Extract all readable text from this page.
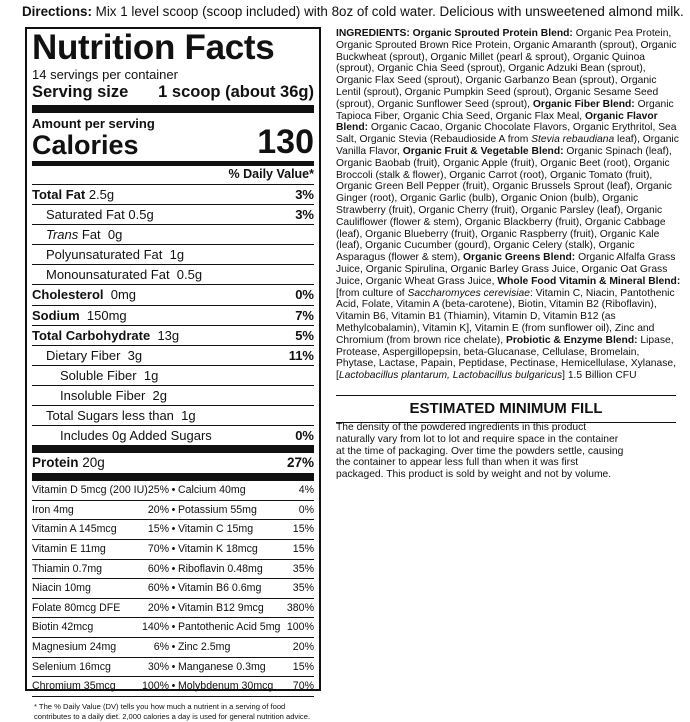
Directions: Mix 1 level scoop (scoop included) with 8oz of cold water. Delicious with unsweetened almond milk.
Nutrition Facts
14 servings per container
Serving size 1 scoop (about 36g)
Amount per serving
Calories	130
% Daily Value*
Total Fat 2.5g	3%
Saturated Fat 0.5g	3%
Trans Fat  0g
Polyunsaturated Fat  1g
Monounsaturated Fat  0.5g
Cholesterol  0mg	0%
Sodium  150mg	7%
Total Carbohydrate  13g	5%
Dietary Fiber  3g	11%
Soluble Fiber  1g
Insoluble Fiber  2g
Total Sugars less than  1g
Includes 0g Added Sugars	0%
Protein 20g	27%
Vitamin D 5mcg (200 IU) 25% • Calcium 40mg	4%
Iron 4mg	20% • Potassium 55mg	0%
Vitamin A 145mcg	15% • Vitamin C 15mg	15%
Vitamin E 11mg	70% • Vitamin K 18mcg	15%
Thiamin 0.7mg	60% • Riboflavin 0.48mg	35%
Niacin 10mg	60% • Vitamin B6 0.6mg	35%
Folate 80mcg DFE	20% • Vitamin B12 9mcg 380%
Biotin 42mcg	140% • Pantothenic Acid 5mg 100%
Magnesium 24mg	6% • Zinc 2.5mg	20%
Selenium 16mcg	30% • Manganese 0.3mg	15%
Chromium 35mcg 100% • Molybdenum 30mcg 70%
* The % Daily Value (DV) tells you how much a nutrient in a serving of food contributes to a daily diet. 2,000 calories a day is used for general nutrition advice.
INGREDIENTS: Organic Sprouted Protein Blend: Organic Pea Protein, Organic Sprouted Brown Rice Protein, Organic Amaranth (sprout), Organic Buckwheat (sprout), Organic Millet (pearl & sprout), Organic Quinoa (sprout), Organic Chia Seed (sprout), Organic Adzuki Bean (sprout), Organic Flax Seed (sprout), Organic Garbanzo Bean (sprout), Organic Lentil (sprout), Organic Pumpkin Seed (sprout), Organic Sesame Seed (sprout), Organic Sunflower Seed (sprout), Organic Fiber Blend: Organic Tapioca Fiber, Organic Chia Seed, Organic Flax Meal, Organic Flavor Blend: Organic Cacao, Organic Chocolate Flavors, Organic Erythritol, Sea Salt, Organic Stevia (Rebaudioside A from Stevia rebaudiana leaf), Organic Vanilla Flavor, Organic Fruit & Vegetable Blend: Organic Spinach (leaf), Organic Baobab (fruit), Organic Apple (fruit), Organic Beet (root), Organic Broccoli (stalk & flower), Organic Carrot (root), Organic Tomato (fruit), Organic Green Bell Pepper (fruit), Organic Brussels Sprout (leaf), Organic Ginger (root), Organic Garlic (bulb), Organic Onion (bulb), Organic Strawberry (fruit), Organic Cherry (fruit), Organic Parsley (leaf), Organic Cauliflower (flower & stem), Organic Blackberry (fruit), Organic Cabbage (leaf), Organic Blueberry (fruit), Organic Raspberry (fruit), Organic Kale (leaf), Organic Cucumber (gourd), Organic Celery (stalk), Organic Asparagus (flower & stem), Organic Greens Blend: Organic Alfalfa Grass Juice, Organic Spirulina, Organic Barley Grass Juice, Organic Oat Grass Juice, Organic Wheat Grass Juice, Whole Food Vitamin & Mineral Blend: [from culture of Saccharomyces cerevisiae: Vitamin C, Niacin, Pantothenic Acid, Folate, Vitamin A (beta-carotene), Biotin, Vitamin B2 (Riboflavin), Vitamin B6, Vitamin B1 (Thiamin), Vitamin D, Vitamin B12 (as Methylcobalamin), Vitamin K], Vitamin E (from sunflower oil), Zinc and Chromium (from brown rice chelate), Probiotic & Enzyme Blend: Lipase, Protease, Aspergillopepsin, beta-Glucanase, Cellulase, Bromelain, Phytase, Lactase, Papain, Peptidase, Pectinase, Hemicellulase, Xylanase, [Lactobacillus plantarum, Lactobacillus bulgaricus] 1.5 Billion CFU
ESTIMATED MINIMUM FILL
The density of the powdered ingredients in this product naturally vary from lot to lot and require space in the container at the time of packaging. Over time the powders settle, causing the container to appear less full than when it was first packaged. This product is sold by weight and not by volume.
